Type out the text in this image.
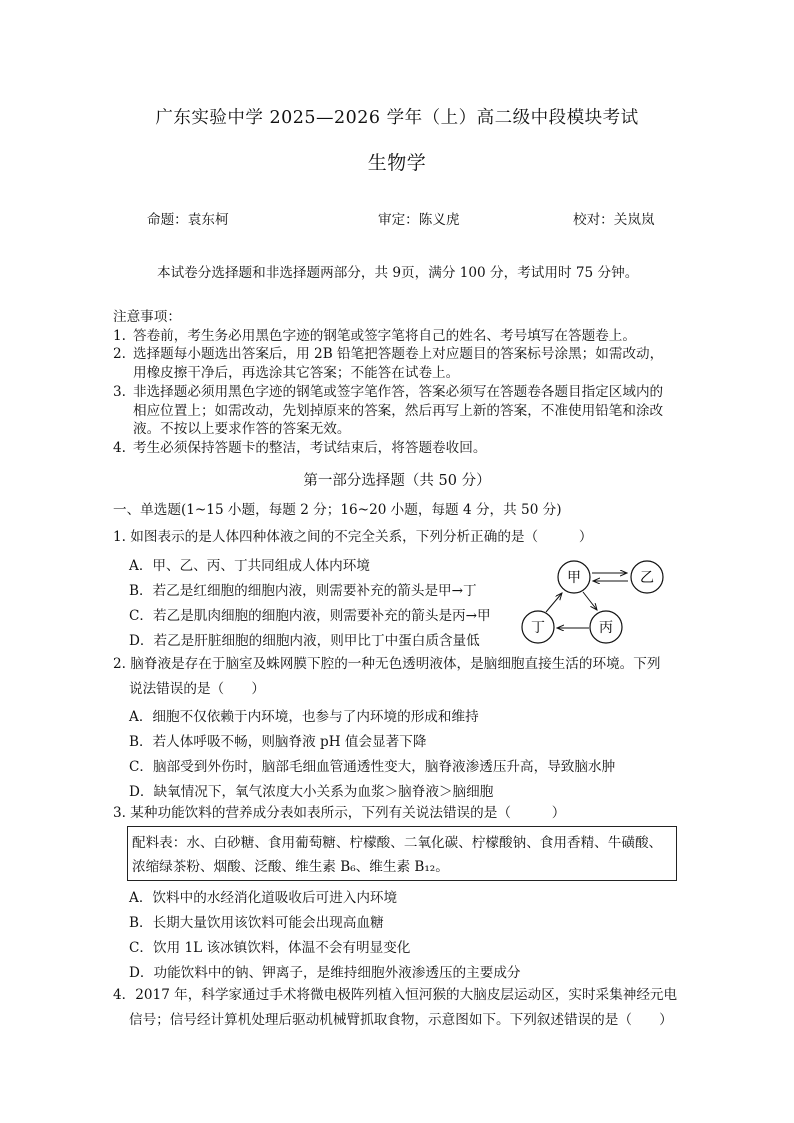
广东实验中学 2025—2026 学年（上）高二级中段模块考试
生物学
命题：袁东柯	审定：陈义虎	校对：关岚岚
本试卷分选择题和非选择题两部分，共 9页，满分 100 分，考试用时 75 分钟。
注意事项：
1. 答卷前，考生务必用黑色字迹的钢笔或签字笔将自己的姓名、考号填写在答题卷上。
2. 选择题每小题选出答案后，用 2B 铅笔把答题卷上对应题目的答案标号涂黑；如需改动，
用橡皮擦干净后，再选涂其它答案；不能答在试卷上。
3. 非选择题必须用黑色字迹的钢笔或签字笔作答，答案必须写在答题卷各题目指定区域内的
相应位置上；如需改动，先划掉原来的答案，然后再写上新的答案，不准使用铅笔和涂改
液。不按以上要求作答的答案无效。
4. 考生必须保持答题卡的整洁，考试结束后，将答题卷收回。
第一部分选择题（共 50 分）
一、单选题(1~15 小题，每题 2 分；16~20 小题，每题 4 分，共 50 分)
1. 如图表示的是人体四种体液之间的不完全关系，下列分析正确的是（　　　）
A．甲、乙、丙、丁共同组成人体内环境
B．若乙是红细胞的细胞内液，则需要补充的箭头是甲→丁
C．若乙是肌肉细胞的细胞内液，则需要补充的箭头是丙→甲
D．若乙是肝脏细胞的细胞内液，则甲比丁中蛋白质含量低
甲	乙
丁	丙
2. 脑脊液是存在于脑室及蛛网膜下腔的一种无色透明液体，是脑细胞直接生活的环境。下列
说法错误的是（　　）
A．细胞不仅依赖于内环境，也参与了内环境的形成和维持
B．若人体呼吸不畅，则脑脊液 pH 值会显著下降
C．脑部受到外伤时，脑部毛细血管通透性变大，脑脊液渗透压升高，导致脑水肿
D．缺氧情况下，氧气浓度大小关系为血浆＞脑脊液＞脑细胞
3. 某种功能饮料的营养成分表如表所示，下列有关说法错误的是（　　　）
配料表：水、白砂糖、食用葡萄糖、柠檬酸、二氧化碳、柠檬酸钠、食用香精、牛磺酸、浓缩绿茶粉、烟酸、泛酸、维生素 B₆、维生素 B₁₂。
A．饮料中的水经消化道吸收后可进入内环境
B．长期大量饮用该饮料可能会出现高血糖
C．饮用 1L 该冰镇饮料，体温不会有明显变化
D．功能饮料中的钠、钾离子，是维持细胞外液渗透压的主要成分
4．2017 年，科学家通过手术将微电极阵列植入恒河猴的大脑皮层运动区，实时采集神经元电
信号；信号经计算机处理后驱动机械臂抓取食物，示意图如下。下列叙述错误的是（　　）
